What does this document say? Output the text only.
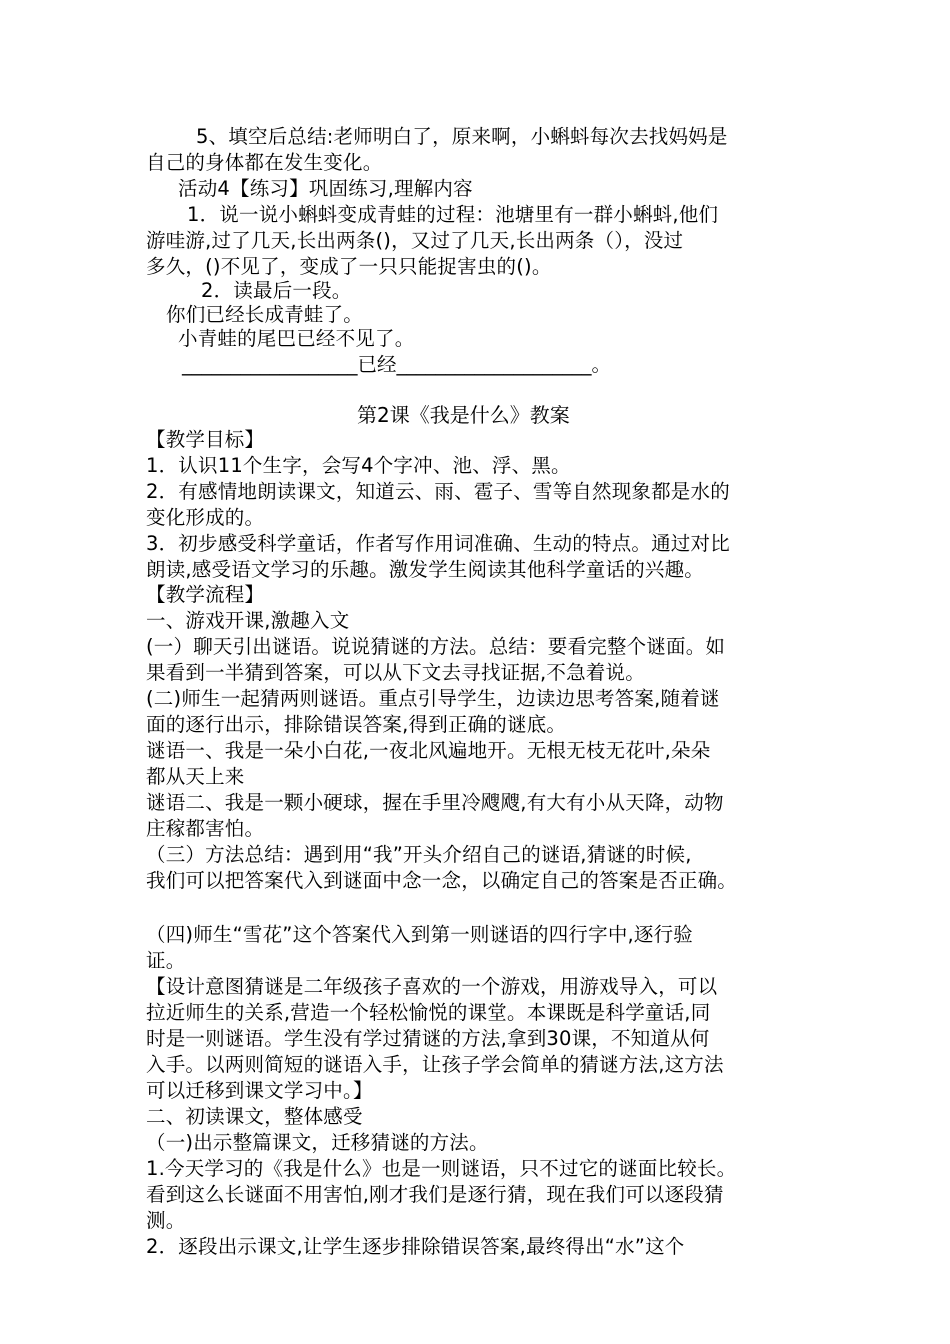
5、填空后总结:老师明白了，原来啊，小蝌蚪每次去找妈妈是
自己的身体都在发生变化。
活动4【练习】巩固练习,理解内容
1．说一说小蝌蚪变成青蛙的过程：池塘里有一群小蝌蚪,他们
游哇游,过了几天,长出两条()，又过了几天,长出两条（），没过
多久，()不见了，变成了一只只能捉害虫的()。
2．读最后一段。
你们已经长成青蛙了。
小青蛙的尾巴已经不见了。
__________________已经____________________。
第2课《我是什么》教案
【教学目标】
1．认识11个生字，会写4个字冲、池、浮、黑。
2．有感情地朗读课文，知道云、雨、雹子、雪等自然现象都是水的
变化形成的。
3．初步感受科学童话，作者写作用词准确、生动的特点。通过对比
朗读,感受语文学习的乐趣。激发学生阅读其他科学童话的兴趣。
【教学流程】
一、游戏开课,激趣入文
(一）聊天引出谜语。说说猜谜的方法。总结：要看完整个谜面。如
果看到一半猜到答案，可以从下文去寻找证据,不急着说。
(二)师生一起猜两则谜语。重点引导学生，边读边思考答案,随着谜
面的逐行出示，排除错误答案,得到正确的谜底。
谜语一、我是一朵小白花,一夜北风遍地开。无根无枝无花叶,朵朵
都从天上来
谜语二、我是一颗小硬球，握在手里冷飕飕,有大有小从天降，动物
庄稼都害怕。
（三）方法总结：遇到用“我”开头介绍自己的谜语,猜谜的时候,
我们可以把答案代入到谜面中念一念，以确定自己的答案是否正确。
（四)师生“雪花”这个答案代入到第一则谜语的四行字中,逐行验
证。
【设计意图猜谜是二年级孩子喜欢的一个游戏，用游戏导入，可以
拉近师生的关系,营造一个轻松愉悦的课堂。本课既是科学童话,同
时是一则谜语。学生没有学过猜谜的方法,拿到30课，不知道从何
入手。以两则简短的谜语入手，让孩子学会简单的猜谜方法,这方法
可以迁移到课文学习中。】
二、初读课文，整体感受
（一)出示整篇课文，迁移猜谜的方法。
1.今天学习的《我是什么》也是一则谜语，只不过它的谜面比较长。
看到这么长谜面不用害怕,刚才我们是逐行猜，现在我们可以逐段猜
测。
2．逐段出示课文,让学生逐步排除错误答案,最终得出“水”这个
